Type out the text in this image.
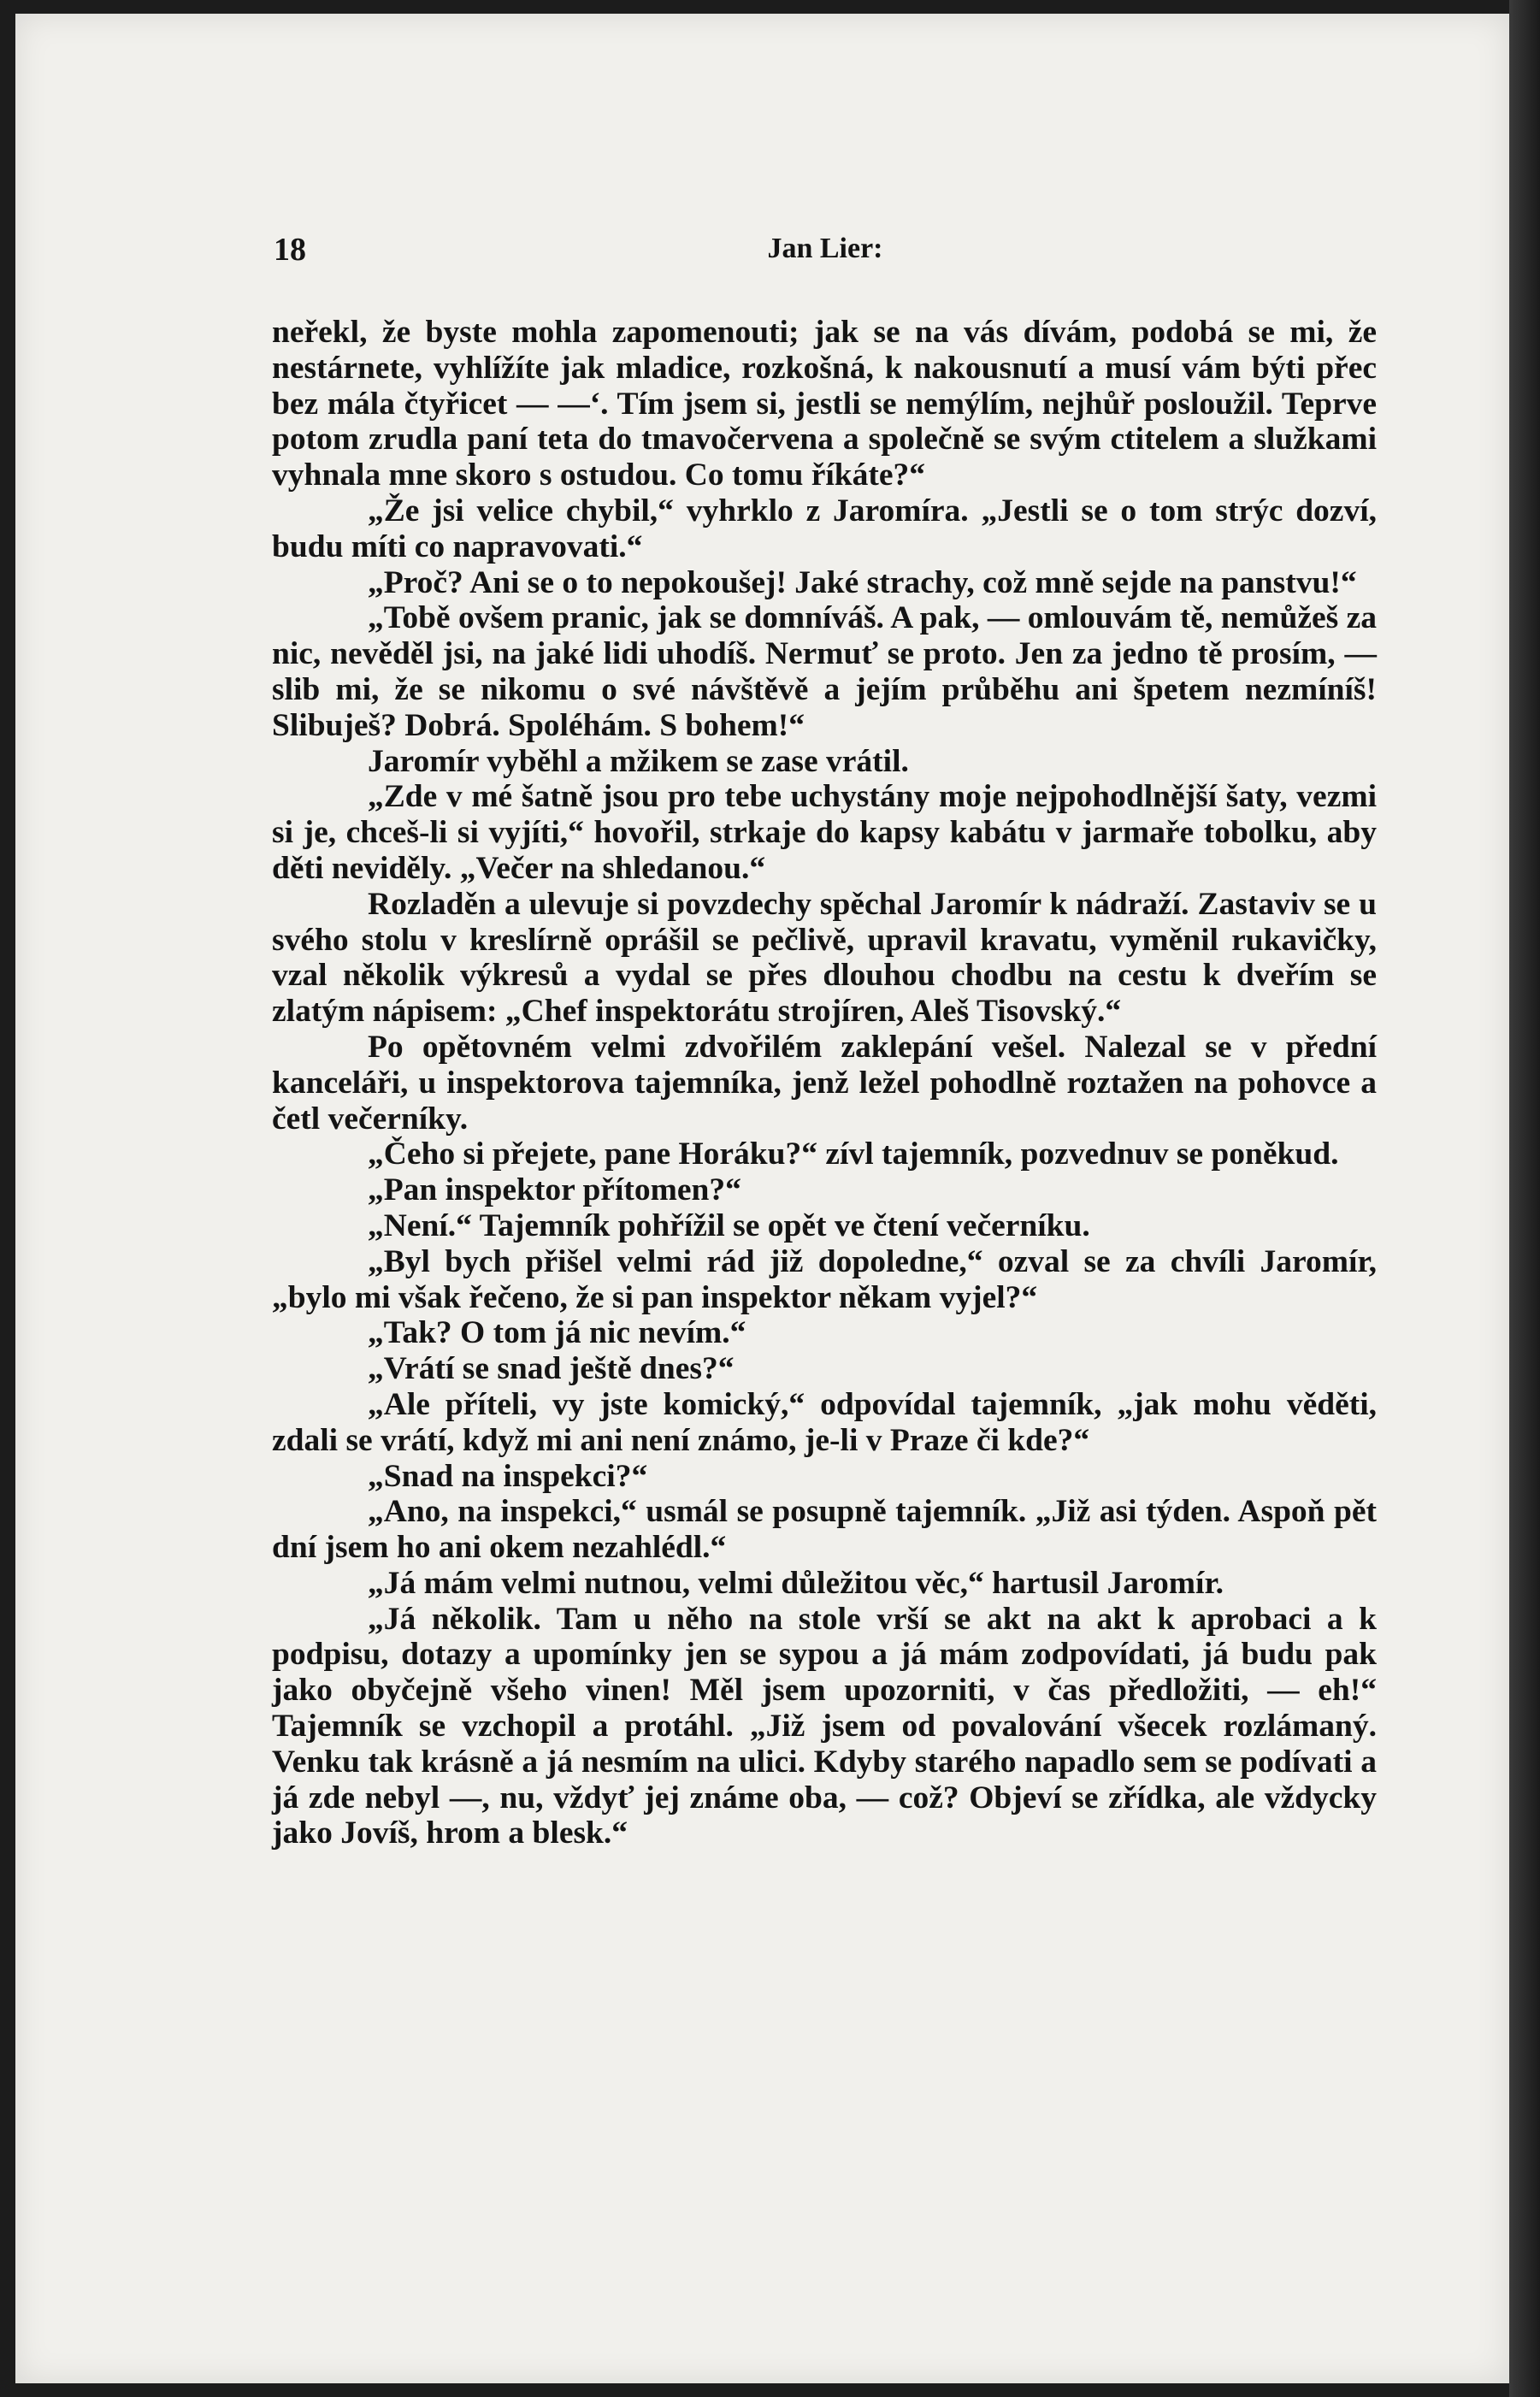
18	Jan Lier:

neřekl, že byste mohla zapomenouti; jak se na vás dívám, podobá se mi, že nestárnete, vyhlížíte jak mladice, rozkošná, k nakousnutí a musí vám býti přec bez mála čtyřicet — —‘. Tím jsem si, jestli se nemýlím, nejhůř posloužil. Teprve potom zrudla paní teta do tmavočervena a společně se svým ctitelem a služkami vyhnala mne skoro s ostudou. Co tomu říkáte?“

„Že jsi velice chybil,“ vyhrklo z Jaromíra. „Jestli se o tom strýc dozví, budu míti co napravovati.“

„Proč? Ani se o to nepokoušej! Jaké strachy, což mně sejde na panstvu!“

„Tobě ovšem pranic, jak se domníváš. A pak, — omlouvám tě, nemůžeš za nic, nevěděl jsi, na jaké lidi uhodíš. Nermuť se proto. Jen za jedno tě prosím, — slib mi, že se nikomu o své návštěvě a jejím průběhu ani špetem nezmíníš! Slibuješ? Dobrá. Spoléhám. S bohem!“

Jaromír vyběhl a mžikem se zase vrátil.

„Zde v mé šatně jsou pro tebe uchystány moje nejpohodlnější šaty, vezmi si je, chceš-li si vyjíti,“ hovořil, strkaje do kapsy kabátu v jarmaře tobolku, aby děti neviděly. „Večer na shledanou.“

Rozladěn a ulevuje si povzdechy spěchal Jaromír k nádraží. Zastaviv se u svého stolu v kreslírně oprášil se pečlivě, upravil kravatu, vyměnil rukavičky, vzal několik výkresů a vydal se přes dlouhou chodbu na cestu k dveřím se zlatým nápisem: „Chef inspektorátu strojíren, Aleš Tisovský.“

Po opětovném velmi zdvořilém zaklepání vešel. Nalezal se v přední kanceláři, u inspektorova tajemníka, jenž ležel pohodlně roztažen na pohovce a četl večerníky.

„Čeho si přejete, pane Horáku?“ zívl tajemník, pozvednuv se poněkud.

„Pan inspektor přítomen?“

„Není.“ Tajemník pohřížil se opět ve čtení večerníku.

„Byl bych přišel velmi rád již dopoledne,“ ozval se za chvíli Jaromír, „bylo mi však řečeno, že si pan inspektor někam vyjel?“

„Tak? O tom já nic nevím.“

„Vrátí se snad ještě dnes?“

„Ale příteli, vy jste komický,“ odpovídal tajemník, „jak mohu věděti, zdali se vrátí, když mi ani není známo, je-li v Praze či kde?“

„Snad na inspekci?“

„Ano, na inspekci,“ usmál se posupně tajemník. „Již asi týden. Aspoň pět dní jsem ho ani okem nezahlédl.“

„Já mám velmi nutnou, velmi důležitou věc,“ hartusil Jaromír.

„Já několik. Tam u něho na stole vrší se akt na akt k aprobaci a k podpisu, dotazy a upomínky jen se sypou a já mám zodpovídati, já budu pak jako obyčejně všeho vinen! Měl jsem upozorniti, v čas předložiti, — eh!“ Tajemník se vzchopil a protáhl. „Již jsem od povalování všecek rozlámaný. Venku tak krásně a já nesmím na ulici. Kdyby starého napadlo sem se podívati a já zde nebyl —, nu, vždyť jej známe oba, — což? Objeví se zřídka, ale vždycky jako Jovíš, hrom a blesk.“
